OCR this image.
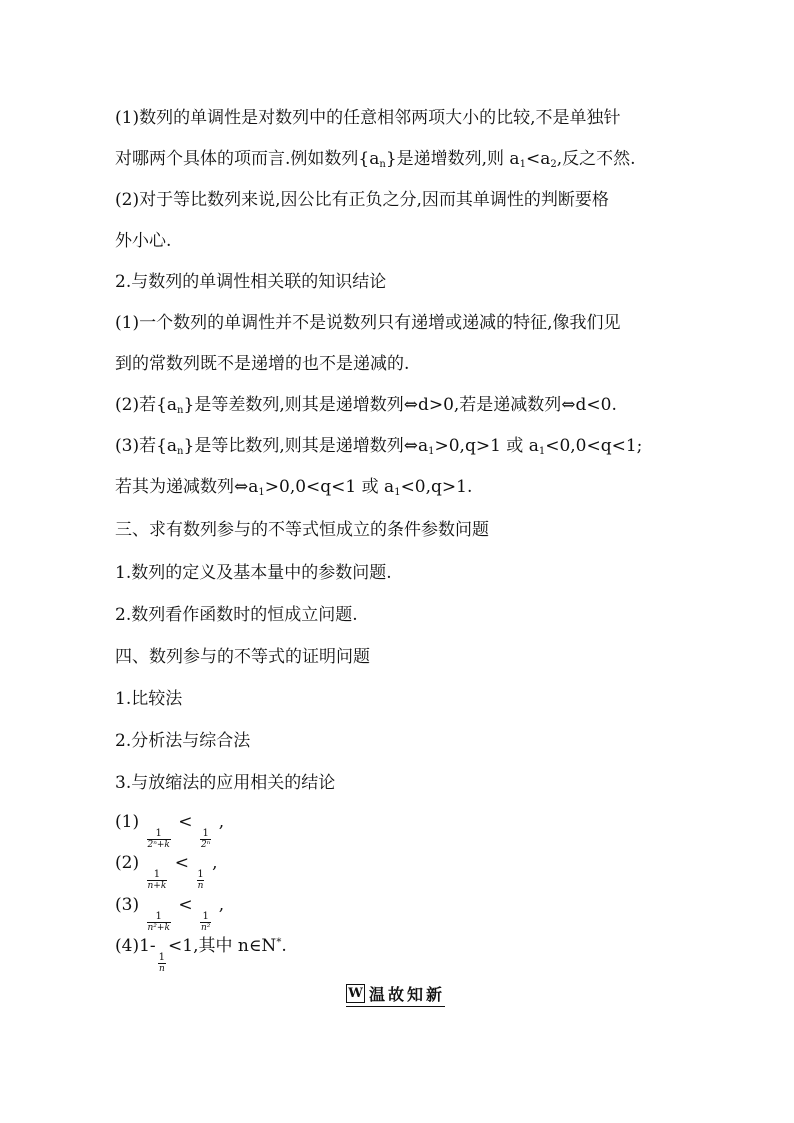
(1)数列的单调性是对数列中的任意相邻两项大小的比较,不是单独针
对哪两个具体的项而言.例如数列$\{a_n\}$是递增数列,则 $a_1<a_2$,反之不然.
(2)对于等比数列来说,因公比有正负之分,因而其单调性的判断要格
外小心.
2.与数列的单调性相关联的知识结论
(1)一个数列的单调性并不是说数列只有递增或递减的特征,像我们见
到的常数列既不是递增的也不是递减的.
(2)若$\{a_n\}$是等差数列,则其是递增数列⇔d>0,若是递减数列⇔d<0.
(3)若$\{a_n\}$是等比数列,则其是递增数列$\Leftrightarrow a_1>0,q>1$ 或 $a_1<0,0<q<1$;
若其为递减数列$\Leftrightarrow a_1>0,0<q<1$ 或 $a_1<0,q>1$.
三、求有数列参与的不等式恒成立的条件参数问题
1.数列的定义及基本量中的参数问题.
2.数列看作函数时的恒成立问题.
四、数列参与的不等式的证明问题
1.比较法
2.分析法与综合法
3.与放缩法的应用相关的结论
(1)
$\frac{1}{\text{2ⁿ+k}}$
<
$\frac{1}{\text{2ⁿ}}$
,
(2)
$\frac{1}{n+k}$
<
$\frac{1}{n}$
,
(3)
$\frac{1}{\text{n²+k}}$
<
$\frac{1}{\text{n²}}$
,
(4)1-
$\frac{1}{n}$
<1,其中 n∈N*.
W 温故知新
